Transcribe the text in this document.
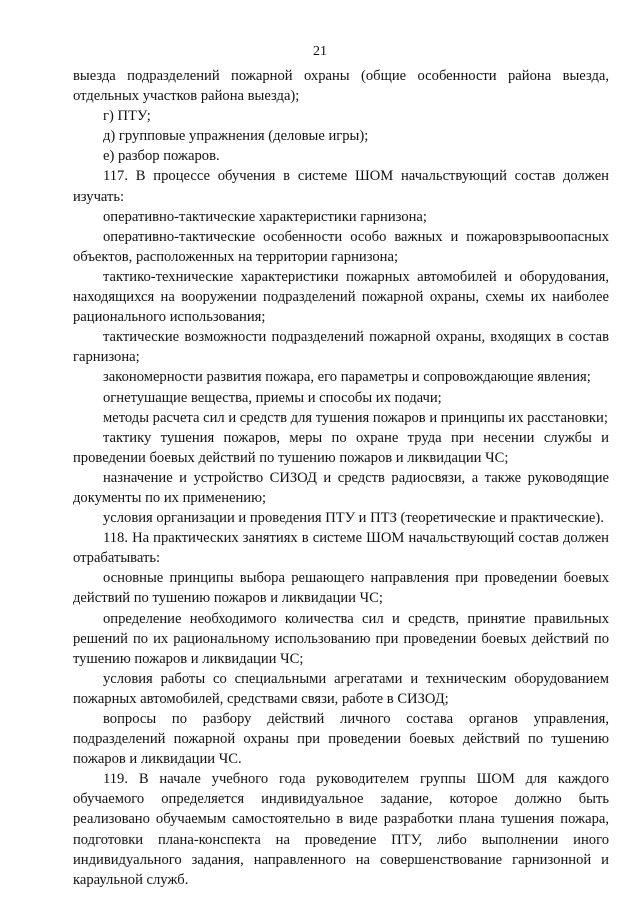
21

выезда подразделений пожарной охраны (общие особенности района выезда, отдельных участков района выезда);

г) ПТУ;

д) групповые упражнения (деловые игры);

е) разбор пожаров.

117. В процессе обучения в системе ШОМ начальствующий состав должен изучать:

оперативно-тактические характеристики гарнизона;

оперативно-тактические особенности особо важных и пожаровзрывоопасных объектов, расположенных на территории гарнизона;

тактико-технические характеристики пожарных автомобилей и оборудования, находящихся на вооружении подразделений пожарной охраны, схемы их наиболее рационального использования;

тактические возможности подразделений пожарной охраны, входящих в состав гарнизона;

закономерности развития пожара, его параметры и сопровождающие явления;

огнетушащие вещества, приемы и способы их подачи;

методы расчета сил и средств для тушения пожаров и принципы их расстановки;

тактику тушения пожаров, меры по охране труда при несении службы и проведении боевых действий по тушению пожаров и ликвидации ЧС;

назначение и устройство СИЗОД и средств радиосвязи, а также руководящие документы по их применению;

условия организации и проведения ПТУ и ПТЗ (теоретические и практические).

118. На практических занятиях в системе ШОМ начальствующий состав должен отрабатывать:

основные принципы выбора решающего направления при проведении боевых действий по тушению пожаров и ликвидации ЧС;

определение необходимого количества сил и средств, принятие правильных решений по их рациональному использованию при проведении боевых действий по тушению пожаров и ликвидации ЧС;

условия работы со специальными агрегатами и техническим оборудованием пожарных автомобилей, средствами связи, работе в СИЗОД;

вопросы по разбору действий личного состава органов управления, подразделений пожарной охраны при проведении боевых действий по тушению пожаров и ликвидации ЧС.

119. В начале учебного года руководителем группы ШОМ для каждого обучаемого определяется индивидуальное задание, которое должно быть реализовано обучаемым самостоятельно в виде разработки плана тушения пожара, подготовки плана-конспекта на проведение ПТУ, либо выполнении иного индивидуального задания, направленного на совершенствование гарнизонной и караульной служб.
